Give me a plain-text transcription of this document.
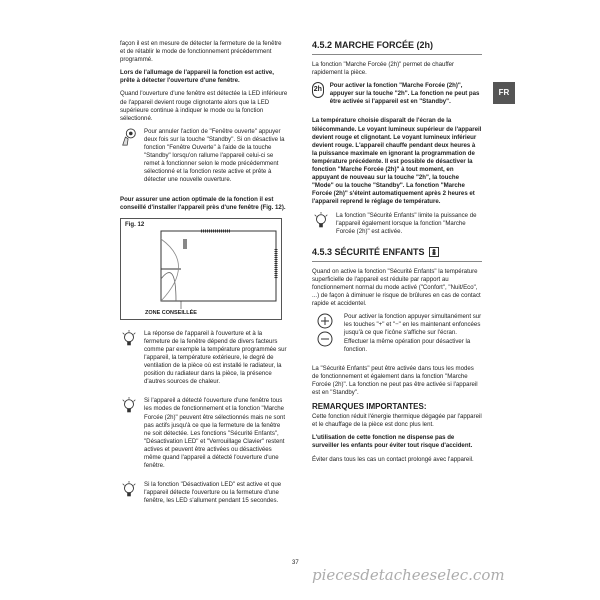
façon il est en mesure de détecter la fermeture de la fenêtre et de rétablir le mode de fonctionnement précédemment programmé.

Lors de l'allumage de l'appareil la fonction est active, prête à détecter l'ouverture d'une fenêtre.

Quand l'ouverture d'une fenêtre est détectée la LED inférieure de l'appareil devient rouge clignotante alors que la LED supérieure continue à indiquer le mode ou la fonction sélectionné.

Pour annuler l'action de "Fenêtre ouverte" appuyer deux fois sur la touche "Standby". Si on désactive la fonction "Fenêtre Ouverte" à l'aide de la touche "Standby" lorsqu'on rallume l'appareil celui-ci se remet à fonctionner selon le mode précédemment sélectionné et la fonction reste active et prête à détecter une nouvelle ouverture.

Pour assurer une action optimale de la fonction il est conseillé d'installer l'appareil près d'une fenêtre (Fig. 12).

Fig. 12
ZONE CONSEILLÉE

La réponse de l'appareil à l'ouverture et à la fermeture de la fenêtre dépend de divers facteurs comme par exemple la température programmée sur l'appareil, la température extérieure, le degré de ventilation de la pièce où est installé le radiateur, la position du radiateur dans la pièce, la présence d'autres sources de chaleur.

Si l'appareil a détecté l'ouverture d'une fenêtre tous les modes de fonctionnement et la fonction "Marche Forcée (2h)" peuvent être sélectionnés mais ne sont pas actifs jusqu'à ce que la fermeture de la fenêtre ne soit détectée. Les fonctions "Sécurité Enfants", "Désactivation LED" et "Verrouillage Clavier" restent actives et peuvent être activées ou désactivées même quand l'appareil a détecté l'ouverture d'une fenêtre.

Si la fonction "Désactivation LED" est active et que l'appareil détecte l'ouverture ou la fermeture d'une fenêtre, les LED s'allument pendant 15 secondes.

4.5.2 MARCHE FORCÉE (2h)

La fonction "Marche Forcée (2h)" permet de chauffer rapidement la pièce.

2h

Pour activer la fonction "Marche Forcée (2h)", appuyer sur la touche "2h". La fonction ne peut pas être activée si l'appareil est en "Standby".

La température choisie disparaît de l'écran de la télécommande. Le voyant lumineux supérieur de l'appareil devient rouge et clignotant. Le voyant lumineux inférieur devient rouge. L'appareil chauffe pendant deux heures à la puissance maximale en ignorant la programmation de température précédente. Il est possible de désactiver la fonction "Marche Forcée (2h)" à tout moment, en appuyant de nouveau sur la touche "2h", la touche "Mode" ou la touche "Standby". La fonction "Marche Forcée (2h)" s'éteint automatiquement après 2 heures et l'appareil reprend le réglage de température.

La fonction "Sécurité Enfants" limite la puissance de l'appareil également lorsque la fonction "Marche Forcée (2h)" est activée.

4.5.3 SÉCURITÉ ENFANTS

Quand on active la fonction "Sécurité Enfants" la température superficielle de l'appareil est réduite par rapport au fonctionnement normal du mode activé ("Confort", "Nuit/Eco", ...) de façon à diminuer le risque de brûlures en cas de contact rapide et accidentel.

Pour activer la fonction appuyer simultanément sur les touches "+" et "−" en les maintenant enfoncées jusqu'à ce que l'icône s'affiche sur l'écran. Effectuer la même opération pour désactiver la fonction.

La "Sécurité Enfants" peut être activée dans tous les modes de fonctionnement et également dans la fonction "Marche Forcée (2h)". La fonction ne peut pas être activée si l'appareil est en "Standby".

REMARQUES IMPORTANTES:

Cette fonction réduit l'énergie thermique dégagée par l'appareil et le chauffage de la pièce est donc plus lent.

L'utilisation de cette fonction ne dispense pas de surveiller les enfants pour éviter tout risque d'accident.

Éviter dans tous les cas un contact prolongé avec l'appareil.

FR
37
piecesdetacheeselec.com
